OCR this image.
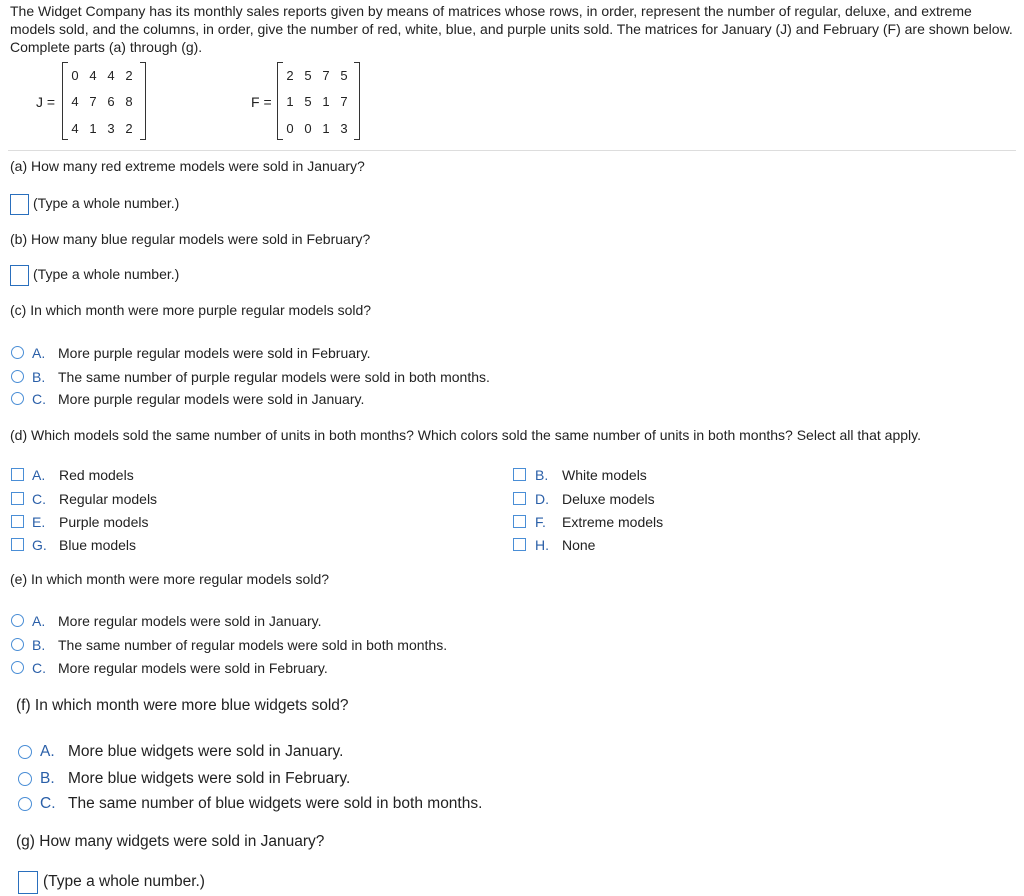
The Widget Company has its monthly sales reports given by means of matrices whose rows, in order, represent the number of regular, deluxe, and extreme models sold, and the columns, in order, give the number of red, white, blue, and purple units sold. The matrices for January (J) and February (F) are shown below. Complete parts (a) through (g).
J =
0 4 4 2
4 7 6 8
4 1 3 2
F =
2 5 7 5
1 5 1 7
0 0 1 3
(a) How many red extreme models were sold in January?
(Type a whole number.)
(b) How many blue regular models were sold in February?
(Type a whole number.)
(c) In which month were more purple regular models sold?
A. More purple regular models were sold in February.
B. The same number of purple regular models were sold in both months.
C. More purple regular models were sold in January.
(d) Which models sold the same number of units in both months? Which colors sold the same number of units in both months? Select all that apply.
A. Red models	B. White models
C. Regular models	D. Deluxe models
E. Purple models	F. Extreme models
G. Blue models	H. None
(e) In which month were more regular models sold?
A. More regular models were sold in January.
B. The same number of regular models were sold in both months.
C. More regular models were sold in February.
(f) In which month were more blue widgets sold?
A. More blue widgets were sold in January.
B. More blue widgets were sold in February.
C. The same number of blue widgets were sold in both months.
(g) How many widgets were sold in January?
(Type a whole number.)
